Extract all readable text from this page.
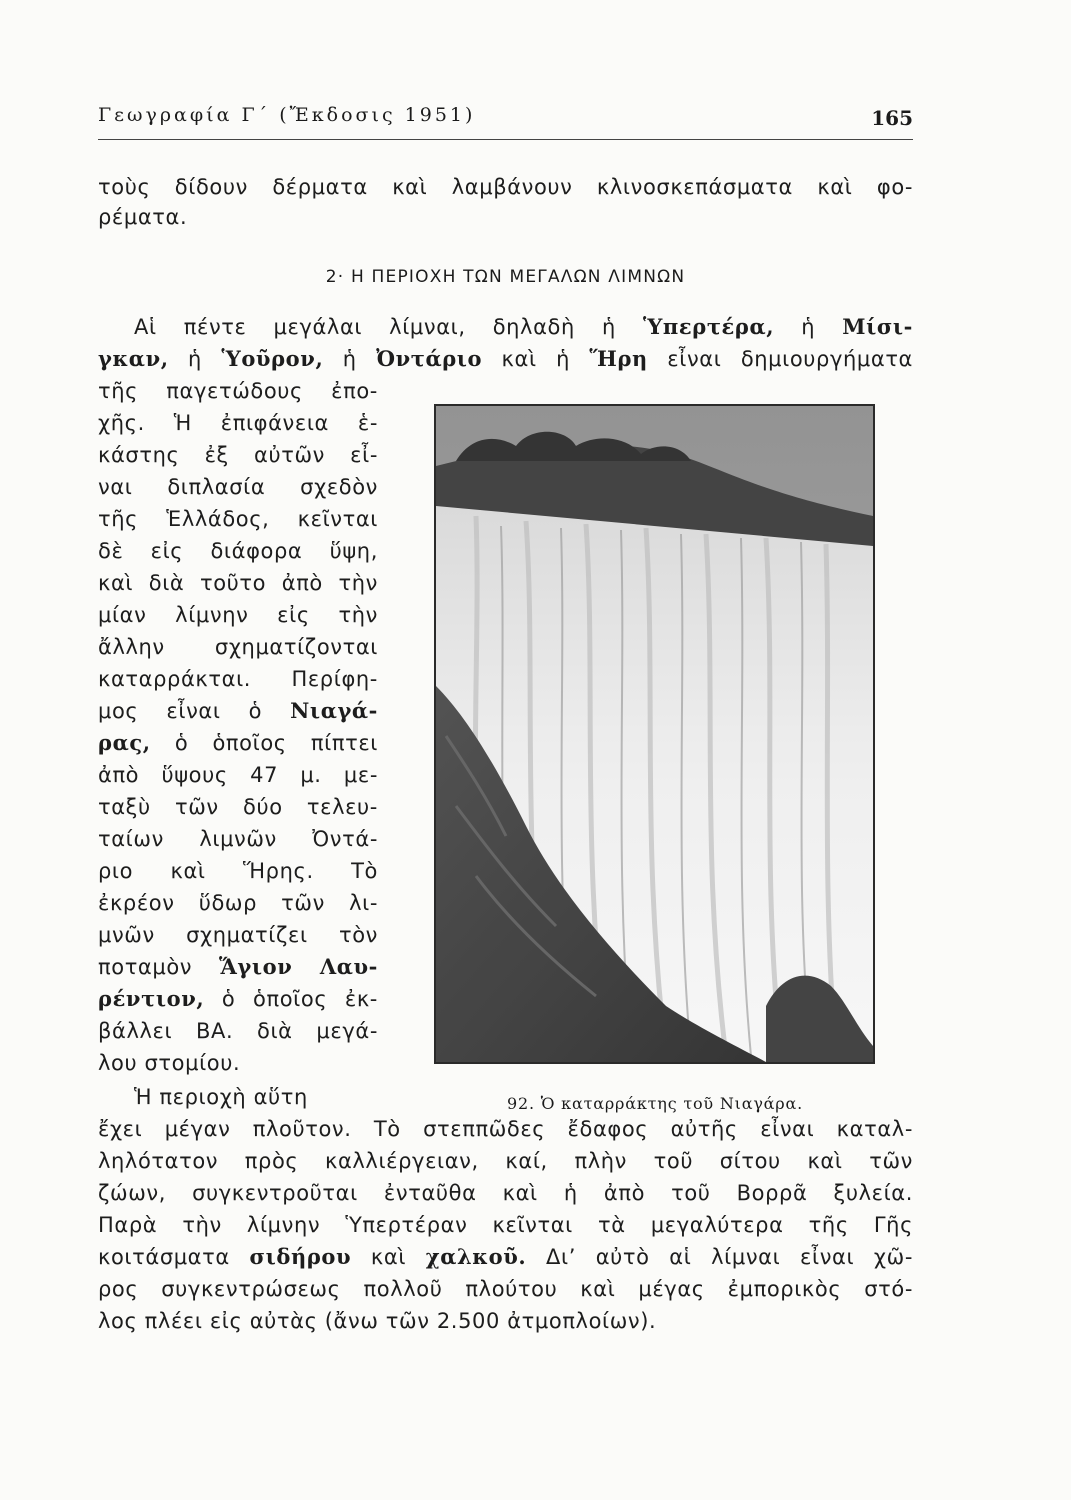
Γεωγραφία Γ΄ (Ἔκδοσις 1951)	165
τοὺς δίδουν δέρματα καὶ λαμβάνουν κλινοσκεπάσματα καὶ φο-
ρέματα.
2· Η ΠΕΡΙΟΧΗ ΤΩΝ ΜΕΓΑΛΩΝ ΛΙΜΝΩΝ
Αἱ πέντε μεγάλαι λίμναι, δηλαδὴ ἡ Ὑπερτέρα, ἡ Μίσι-
γκαν, ἡ Ὑοῦρον, ἡ Ὀντάριο καὶ ἡ Ἥρη εἶναι δημιουργήματα
τῆς παγετώδους ἐπο-
χῆς. Ἡ ἐπιφάνεια ἑ-
κάστης ἐξ αὐτῶν εἶ-
ναι διπλασία σχεδὸν
τῆς Ἑλλάδος, κεῖνται
δὲ εἰς διάφορα ὕψη,
καὶ διὰ τοῦτο ἀπὸ τὴν
μίαν λίμνην εἰς τὴν
ἄλλην σχηματίζονται
καταρράκται. Περίφη-
μος εἶναι ὁ Νιαγά-
ρας, ὁ ὁποῖος πίπτει
ἀπὸ ὕψους 47 μ. με-
ταξὺ τῶν δύο τελευ-
ταίων λιμνῶν Ὀντά-
ριο καὶ Ἥρης. Τὸ
ἐκρέον ὕδωρ τῶν λι-
μνῶν σχηματίζει τὸν
ποταμὸν Ἅγιον Λαυ-
ρέντιον, ὁ ὁποῖος ἐκ-
βάλλει ΒΑ. διὰ μεγά-
λου στομίου.
Ἡ περιοχὴ αὕτη
ἔχει μέγαν πλοῦτον. Τὸ στεππῶδες ἔδαφος αὐτῆς εἶναι καταλ-
ληλότατον πρὸς καλλιέργειαν, καί, πλὴν τοῦ σίτου καὶ τῶν
ζώων, συγκεντροῦται ἐνταῦθα καὶ ἡ ἀπὸ τοῦ Βορρᾶ ξυλεία.
Παρὰ τὴν λίμνην Ὑπερτέραν κεῖνται τὰ μεγαλύτερα τῆς Γῆς
κοιτάσματα σιδήρου καὶ χαλκοῦ. Δι’ αὐτὸ αἱ λίμναι εἶναι χῶ-
ρος συγκεντρώσεως πολλοῦ πλούτου καὶ μέγας ἐμπορικὸς στό-
λος πλέει εἰς αὐτὰς (ἄνω τῶν 2.500 ἀτμοπλοίων).
92. Ὁ καταρράκτης τοῦ Νιαγάρα.
